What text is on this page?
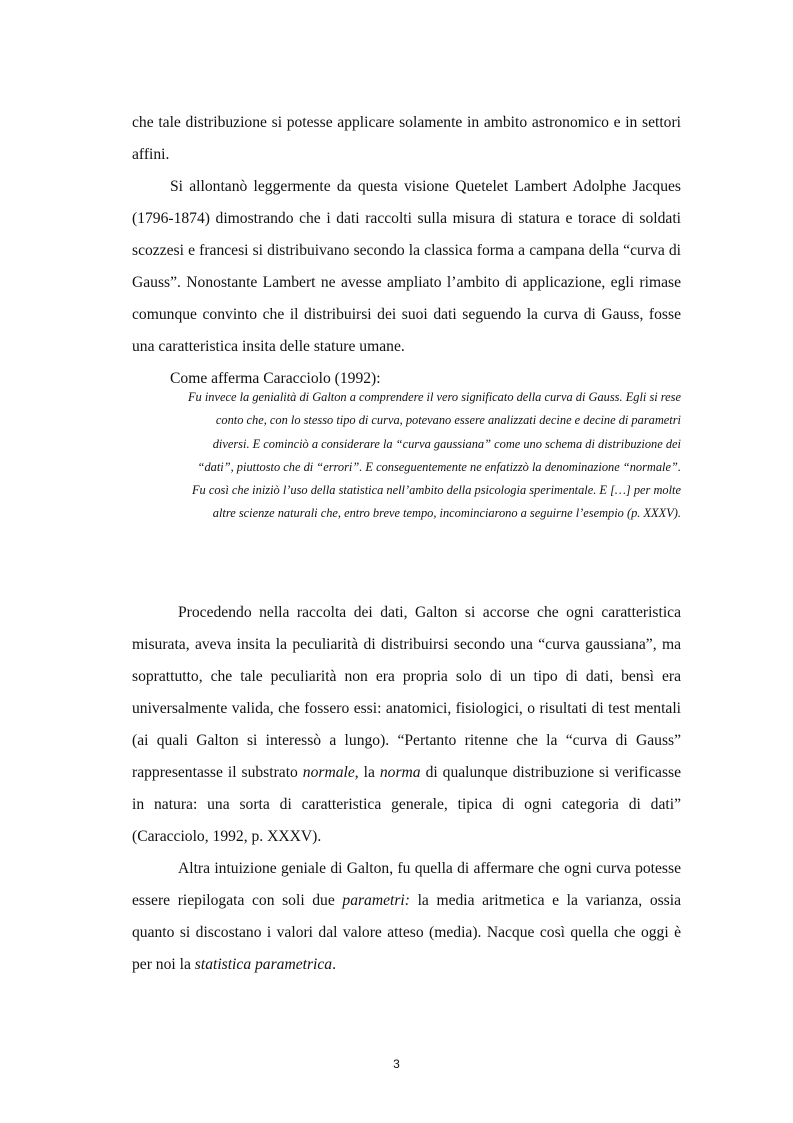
che tale distribuzione si potesse applicare solamente in ambito astronomico e in settori affini.

Si allontanò leggermente da questa visione Quetelet Lambert Adolphe Jacques (1796-1874) dimostrando che i dati raccolti sulla misura di statura e torace di soldati scozzesi e francesi si distribuivano secondo la classica forma a campana della “curva di Gauss”. Nonostante Lambert ne avesse ampliato l’ambito di applicazione, egli rimase comunque convinto che il distribuirsi dei suoi dati seguendo la curva di Gauss, fosse una caratteristica insita delle stature umane.

Come afferma Caracciolo (1992):

Fu invece la genialità di Galton a comprendere il vero significato della curva di Gauss. Egli si rese conto che, con lo stesso tipo di curva, potevano essere analizzati decine e decine di parametri diversi. E cominciò a considerare la “curva gaussiana” come uno schema di distribuzione dei “dati”, piuttosto che di “errori”. E conseguentemente ne enfatizzò la denominazione “normale”.

Fu così che iniziò l’uso della statistica nell’ambito della psicologia sperimentale. E […] per molte altre scienze naturali che, entro breve tempo, incominciarono a seguirne l’esempio (p. XXXV).

Procedendo nella raccolta dei dati, Galton si accorse che ogni caratteristica misurata, aveva insita la peculiarità di distribuirsi secondo una “curva gaussiana”, ma soprattutto, che tale peculiarità non era propria solo di un tipo di dati, bensì era universalmente valida, che fossero essi: anatomici, fisiologici, o risultati di test mentali (ai quali Galton si interessò a lungo). “Pertanto ritenne che la “curva di Gauss” rappresentasse il substrato normale, la norma di qualunque distribuzione si verificasse in natura: una sorta di caratteristica generale, tipica di ogni categoria di dati” (Caracciolo, 1992, p. XXXV).

Altra intuizione geniale di Galton, fu quella di affermare che ogni curva potesse essere riepilogata con soli due parametri: la media aritmetica e la varianza, ossia quanto si discostano i valori dal valore atteso (media). Nacque così quella che oggi è per noi la statistica parametrica.

3
